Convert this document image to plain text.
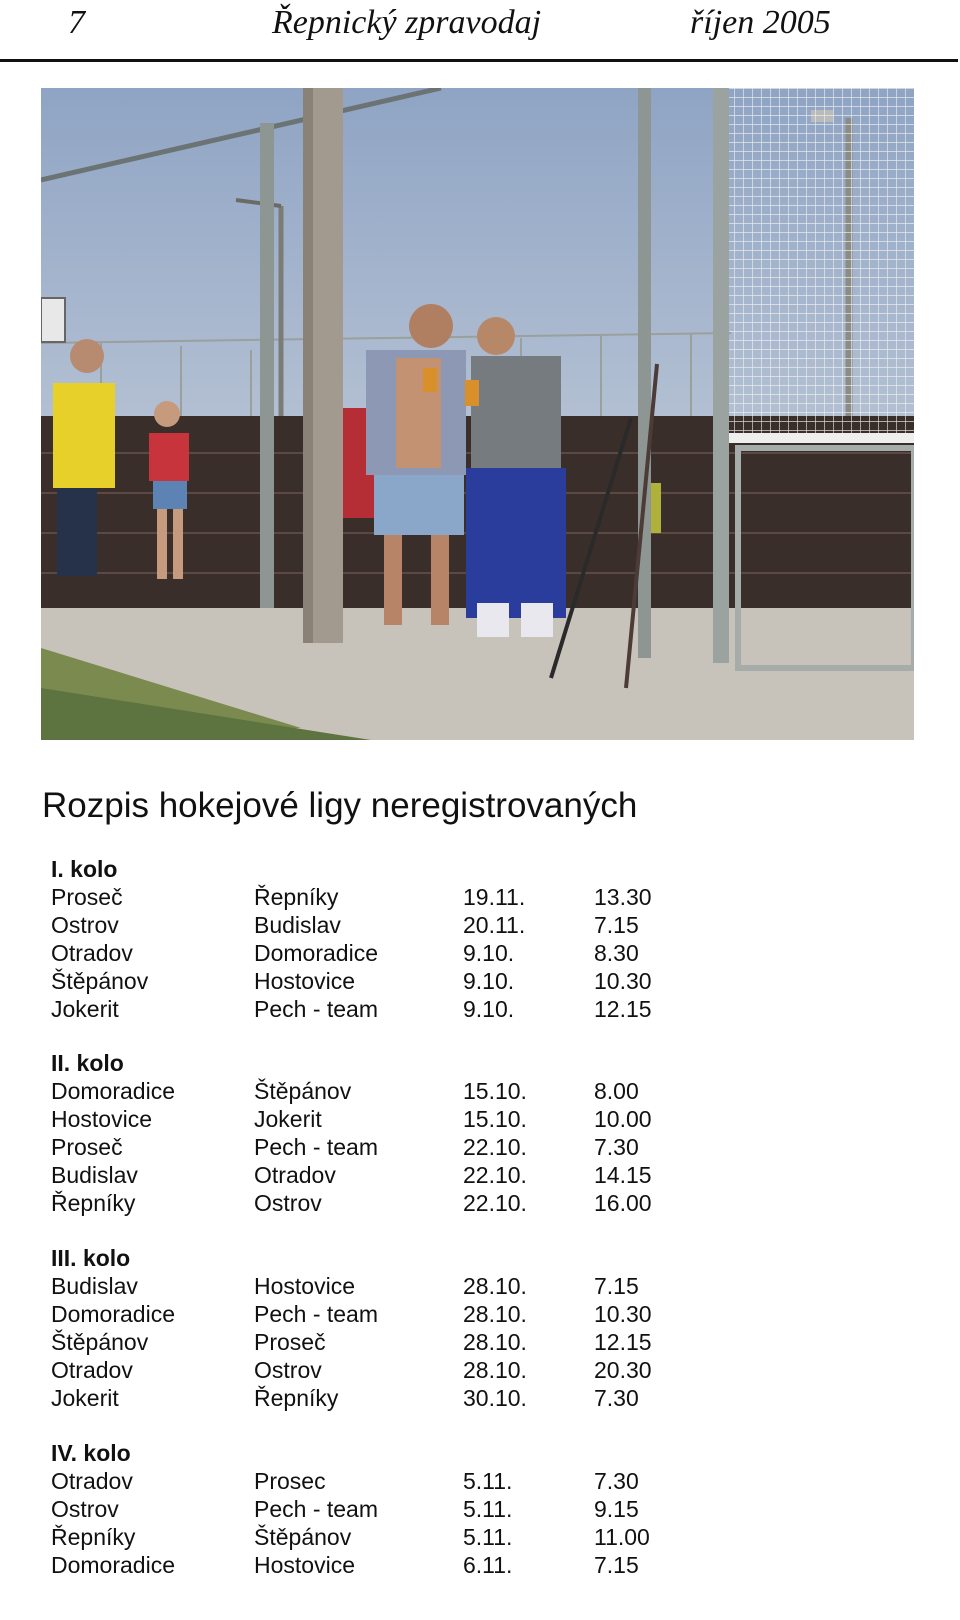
7	Řepnický zpravodaj	říjen 2005
Rozpis hokejové ligy neregistrovaných
I. kolo
Proseč	Řepníky	19.11.	13.30
Ostrov	Budislav	20.11.	7.15
Otradov	Domoradice	9.10.	8.30
Štěpánov	Hostovice	9.10.	10.30
Jokerit	Pech - team	9.10.	12.15
II. kolo
Domoradice	Štěpánov	15.10.	8.00
Hostovice	Jokerit	15.10.	10.00
Proseč	Pech - team	22.10.	7.30
Budislav	Otradov	22.10.	14.15
Řepníky	Ostrov	22.10.	16.00
III. kolo
Budislav	Hostovice	28.10.	7.15
Domoradice	Pech - team	28.10.	10.30
Štěpánov	Proseč	28.10.	12.15
Otradov	Ostrov	28.10.	20.30
Jokerit	Řepníky	30.10.	7.30
IV. kolo
Otradov	Prosec	5.11.	7.30
Ostrov	Pech - team	5.11.	9.15
Řepníky	Štěpánov	5.11.	11.00
Domoradice	Hostovice	6.11.	7.15
